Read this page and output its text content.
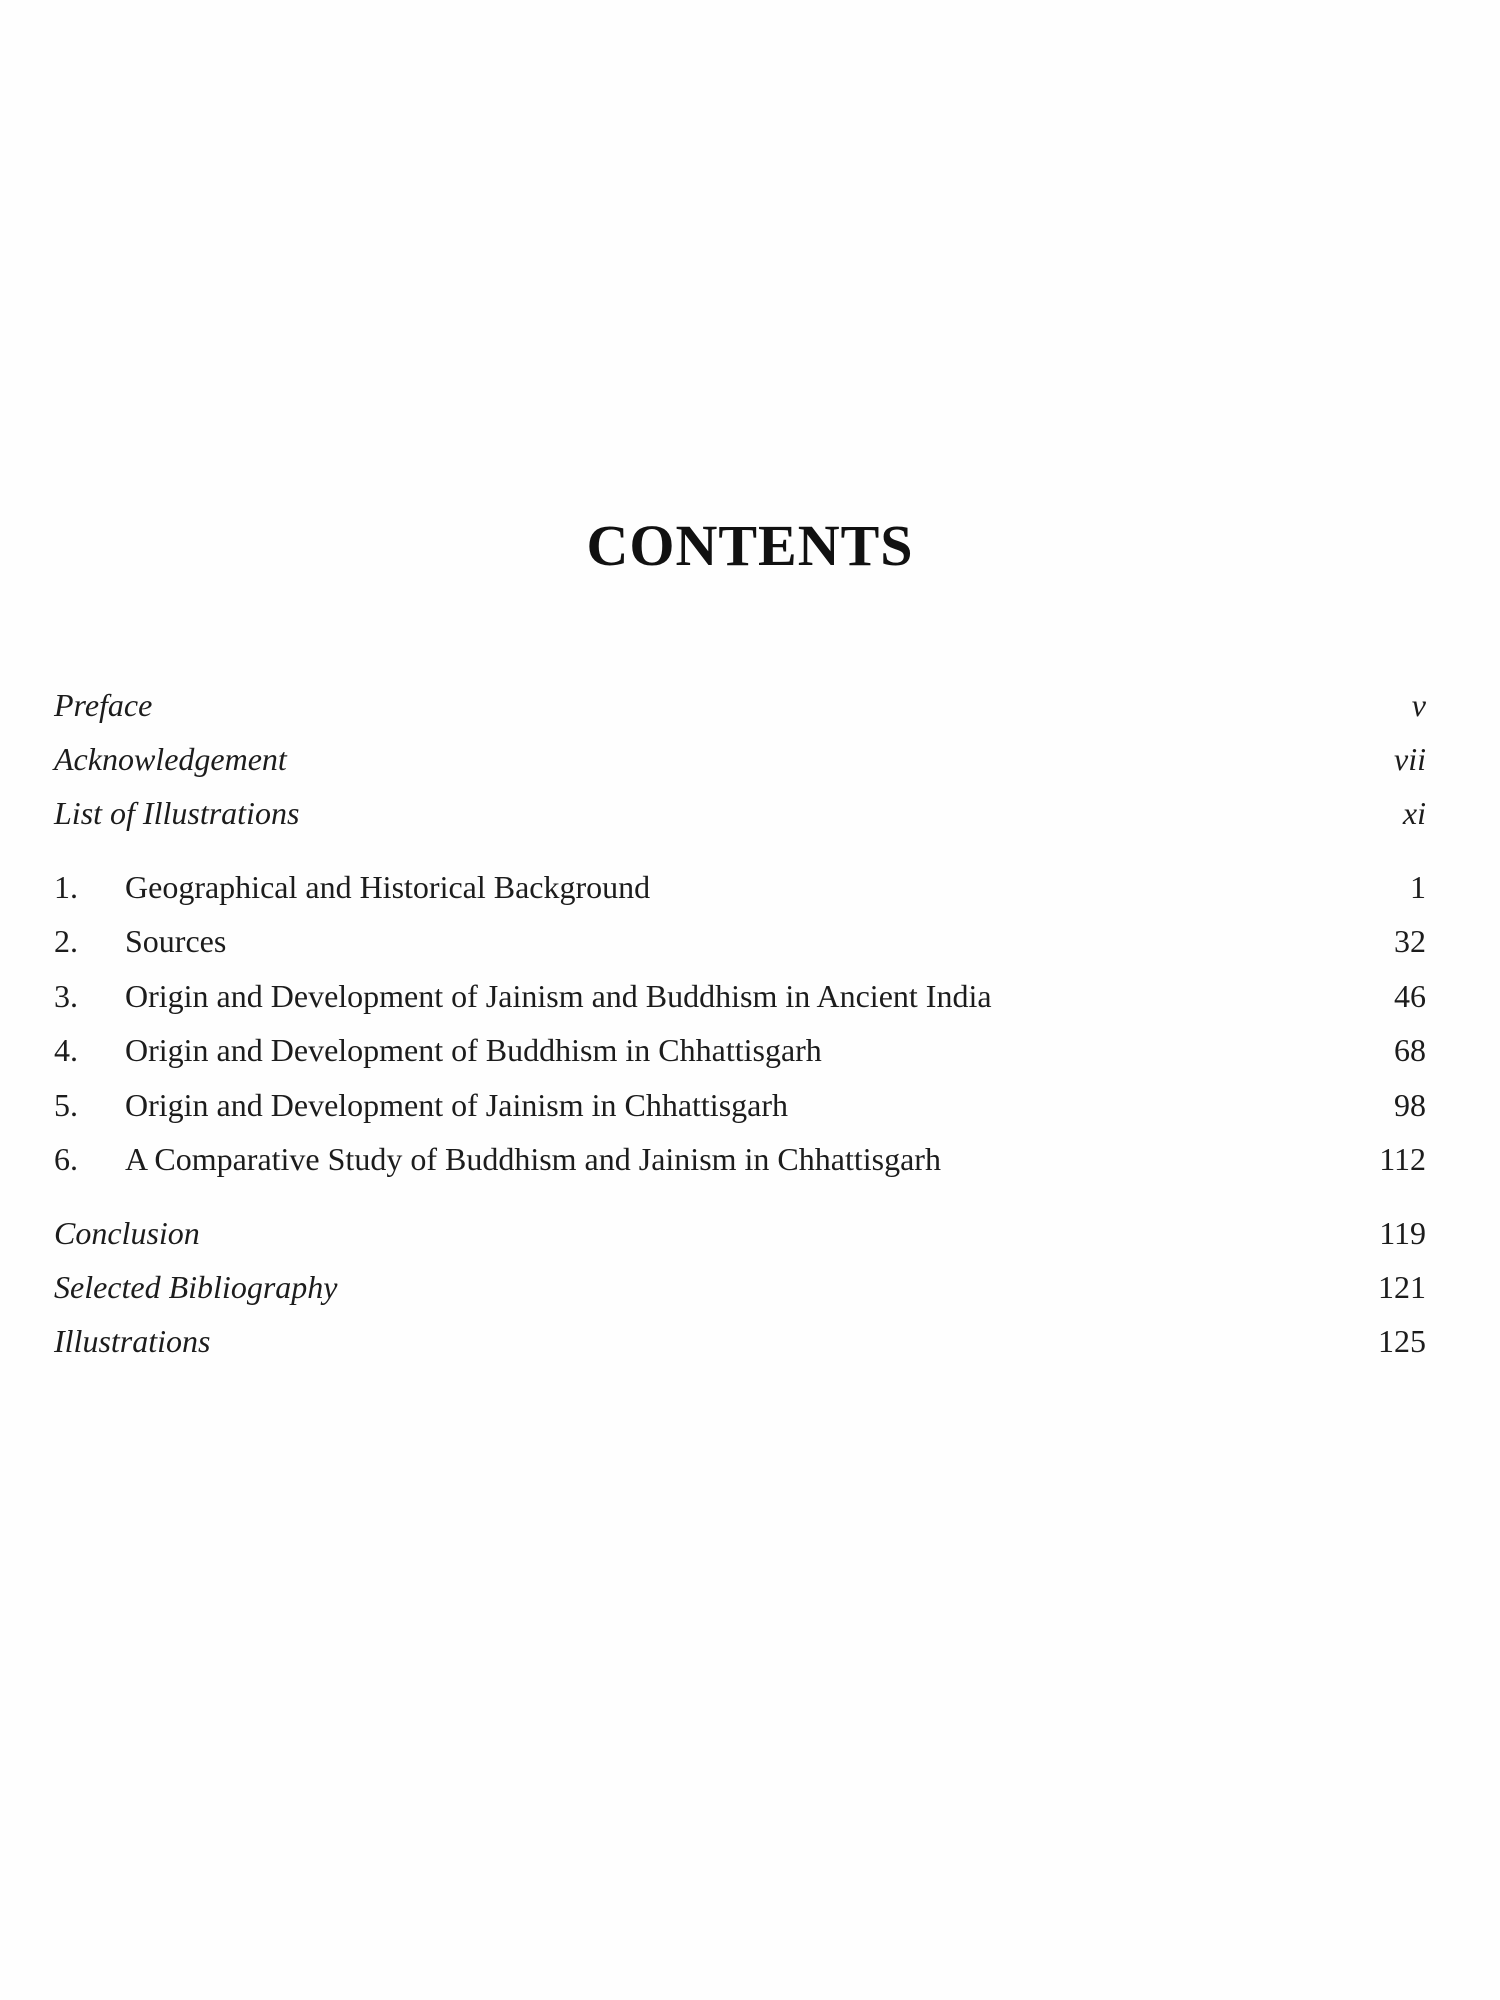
CONTENTS
Preface	v
Acknowledgement	vii
List of Illustrations	xi
1. Geographical and Historical Background	1
2. Sources	32
3. Origin and Development of Jainism and Buddhism in Ancient India	46
4. Origin and Development of Buddhism in Chhattisgarh	68
5. Origin and Development of Jainism in Chhattisgarh	98
6. A Comparative Study of Buddhism and Jainism in Chhattisgarh	112
Conclusion	119
Selected Bibliography	121
Illustrations	125
